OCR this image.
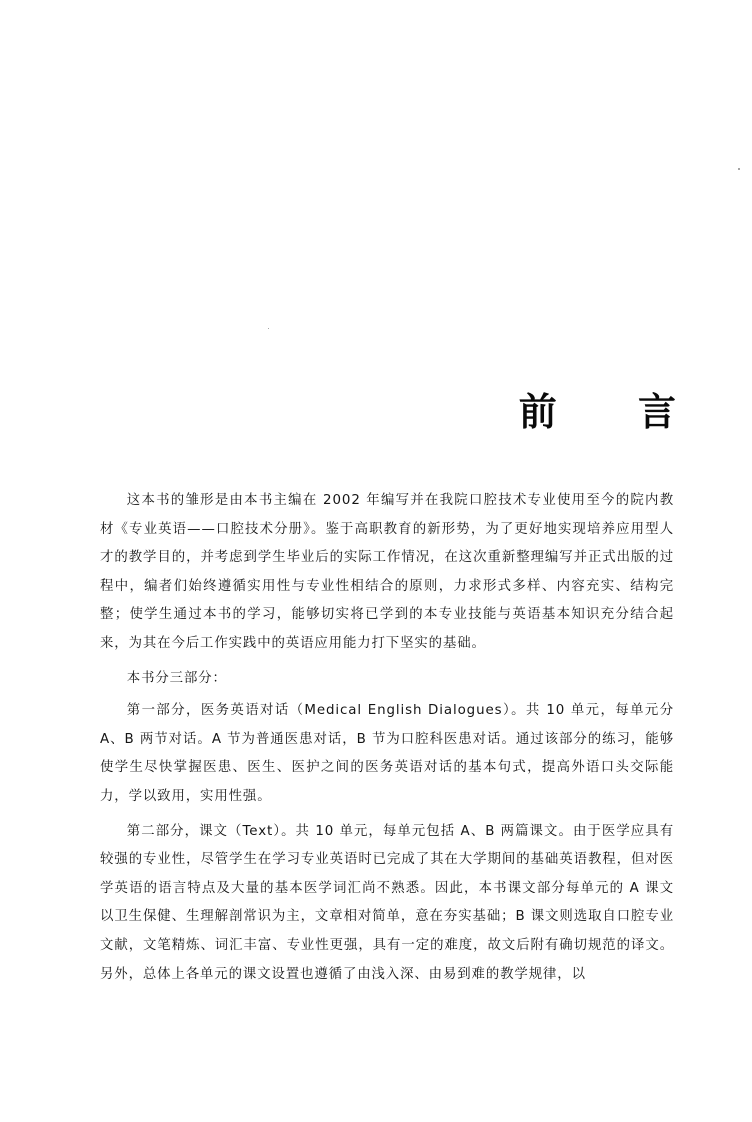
前 言

这本书的雏形是由本书主编在 2002 年编写并在我院口腔技术专业使用至今的院内教材《专业英语——口腔技术分册》。鉴于高职教育的新形势，为了更好地实现培养应用型人才的教学目的，并考虑到学生毕业后的实际工作情况，在这次重新整理编写并正式出版的过程中，编者们始终遵循实用性与专业性相结合的原则，力求形式多样、内容充实、结构完整；使学生通过本书的学习，能够切实将已学到的本专业技能与英语基本知识充分结合起来，为其在今后工作实践中的英语应用能力打下坚实的基础。

本书分三部分：

第一部分，医务英语对话（Medical English Dialogues）。共 10 单元，每单元分 A、B 两节对话。A 节为普通医患对话，B 节为口腔科医患对话。通过该部分的练习，能够使学生尽快掌握医患、医生、医护之间的医务英语对话的基本句式，提高外语口头交际能力，学以致用，实用性强。

第二部分，课文（Text）。共 10 单元，每单元包括 A、B 两篇课文。由于医学应具有较强的专业性，尽管学生在学习专业英语时已完成了其在大学期间的基础英语教程，但对医学英语的语言特点及大量的基本医学词汇尚不熟悉。因此，本书课文部分每单元的 A 课文以卫生保健、生理解剖常识为主，文章相对简单，意在夯实基础；B 课文则选取自口腔专业文献，文笔精炼、词汇丰富、专业性更强，具有一定的难度，故文后附有确切规范的译文。另外，总体上各单元的课文设置也遵循了由浅入深、由易到难的教学规律，以
